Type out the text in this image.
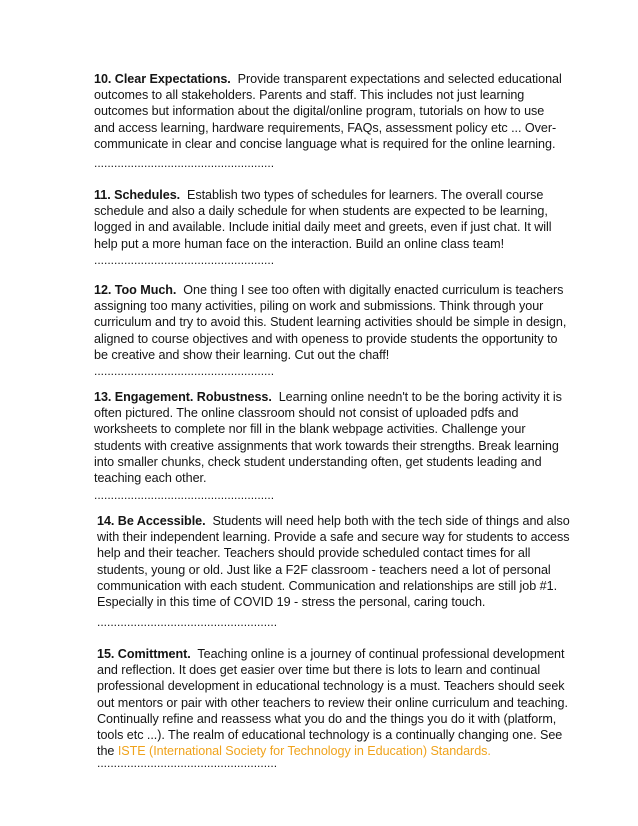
10. Clear Expectations. Provide transparent expectations and selected educational outcomes to all stakeholders. Parents and staff. This includes not just learning outcomes but information about the digital/online program, tutorials on how to use and access learning, hardware requirements, FAQs, assessment policy etc ... Over-communicate in clear and concise language what is required for the online learning.

......................................................

11. Schedules. Establish two types of schedules for learners. The overall course schedule and also a daily schedule for when students are expected to be learning, logged in and available. Include initial daily meet and greets, even if just chat. It will help put a more human face on the interaction. Build an online class team!

......................................................

12. Too Much. One thing I see too often with digitally enacted curriculum is teachers assigning too many activities, piling on work and submissions. Think through your curriculum and try to avoid this. Student learning activities should be simple in design, aligned to course objectives and with openess to provide students the opportunity to be creative and show their learning. Cut out the chaff!

......................................................

13. Engagement. Robustness. Learning online needn't to be the boring activity it is often pictured. The online classroom should not consist of uploaded pdfs and worksheets to complete nor fill in the blank webpage activities. Challenge your students with creative assignments that work towards their strengths. Break learning into smaller chunks, check student understanding often, get students leading and teaching each other.

......................................................

14. Be Accessible. Students will need help both with the tech side of things and also with their independent learning. Provide a safe and secure way for students to access help and their teacher. Teachers should provide scheduled contact times for all students, young or old. Just like a F2F classroom - teachers need a lot of personal communication with each student. Communication and relationships are still job #1. Especially in this time of COVID 19 - stress the personal, caring touch.

......................................................

15. Comittment. Teaching online is a journey of continual professional development and reflection. It does get easier over time but there is lots to learn and continual professional development in educational technology is a must. Teachers should seek out mentors or pair with other teachers to review their online curriculum and teaching. Continually refine and reassess what you do and the things you do it with (platform, tools etc ...). The realm of educational technology is a continually changing one. See the ISTE (International Society for Technology in Education) Standards.

......................................................
